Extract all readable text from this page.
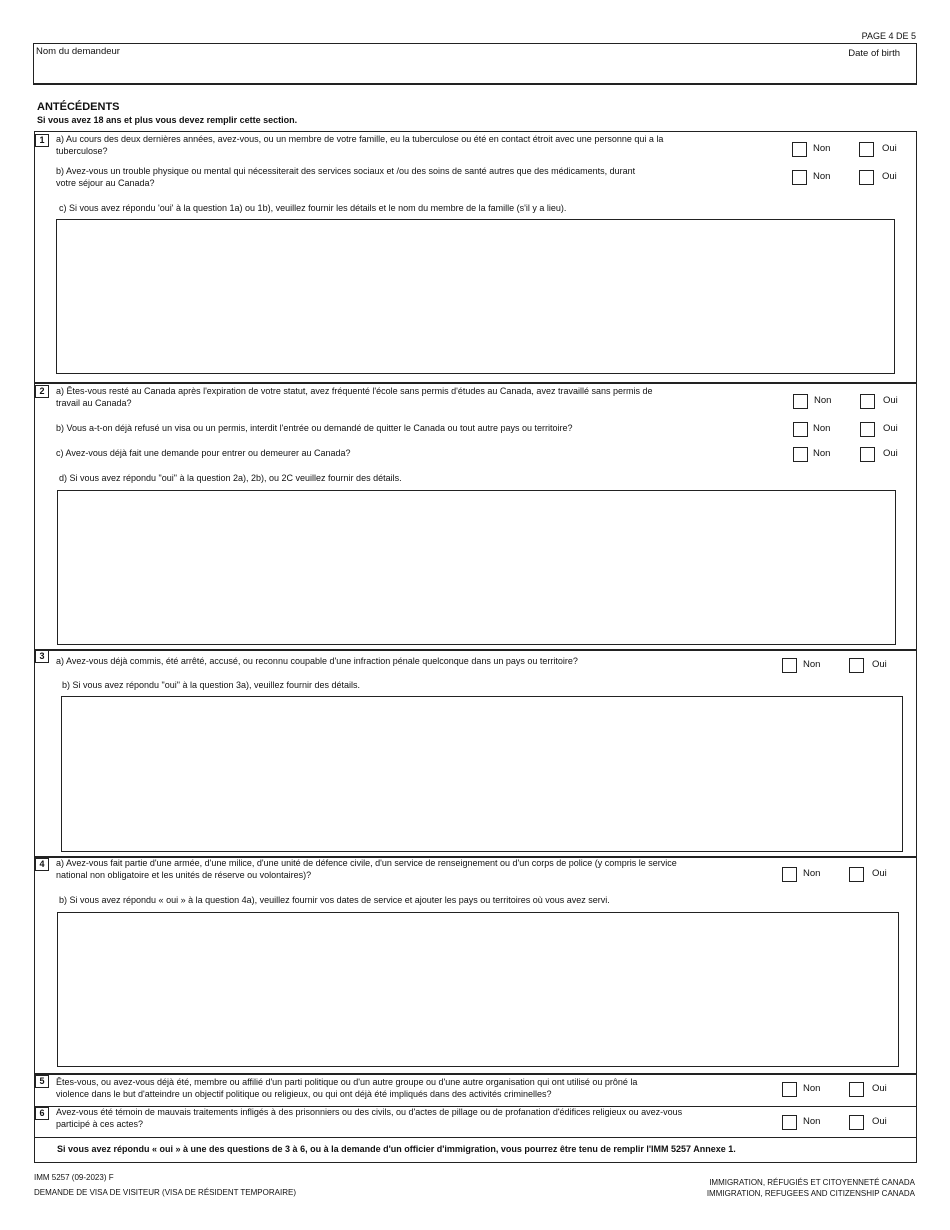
PAGE 4 DE 5
Nom du demandeur	Date of birth
ANTÉCÉDENTS
Si vous avez 18 ans et plus vous devez remplir cette section.
1	a) Au cours des deux dernières années, avez-vous, ou un membre de votre famille, eu la tuberculose ou été en contact étroit avec une personne qui a la
tuberculose?	Non	Oui
b) Avez-vous un trouble physique ou mental qui nécessiterait des services sociaux et /ou des soins de santé autres que des médicaments, durant
votre séjour au Canada?
Non	Oui
c) Si vous avez répondu 'oui' à la question 1a) ou 1b), veuillez fournir les détails et le nom du membre de la famille (s'il y a lieu).
2	a) Êtes-vous resté au Canada après l'expiration de votre statut, avez fréquenté l'école sans permis d'études au Canada, avez travaillé sans permis de
travail au Canada?	Non	Oui
b) Vous a-t-on déjà refusé un visa ou un permis, interdit l'entrée ou demandé de quitter le Canada ou tout autre pays ou territoire?	Non	Oui
c) Avez-vous déjà fait une demande pour entrer ou demeurer au Canada?	Non	Oui
d) Si vous avez répondu "oui" à la question 2a), 2b), ou 2C veuillez fournir des détails.
3	a) Avez-vous déjà commis, été arrêté, accusé, ou reconnu coupable d'une infraction pénale quelconque dans un pays ou territoire?	Non	Oui
b) Si vous avez répondu "oui" à la question 3a), veuillez fournir des détails.
4	a) Avez-vous fait partie d'une armée, d'une milice, d'une unité de défence civile, d'un service de renseignement ou d'un corps de police (y compris le service
national non obligatoire et les unités de réserve ou volontaires)?	Non	Oui
b) Si vous avez répondu « oui » à la question 4a), veuillez fournir vos dates de service et ajouter les pays ou territoires où vous avez servi.
5	Êtes-vous, ou avez-vous déjà été, membre ou affilié d'un parti politique ou d'un autre groupe ou d'une autre organisation qui ont utilisé ou prôné la
violence dans le but d'atteindre un objectif politique ou religieux, ou qui ont déjà été impliqués dans des activités criminelles?	Non	Oui
6	Avez-vous été témoin de mauvais traitements infligés à des prisonniers ou des civils, ou d'actes de pillage ou de profanation d'édifices religieux ou avez-vous
participé à ces actes?	Non	Oui
Si vous avez répondu « oui » à une des questions de 3 à 6, ou à la demande d'un officier d'immigration, vous pourrez être tenu de remplir l'IMM 5257 Annexe 1.
IMM 5257 (09-2023) F
DEMANDE DE VISA DE VISITEUR (VISA DE RÉSIDENT TEMPORAIRE)
IMMIGRATION, RÉFUGIÉS ET CITOYENNETÉ CANADA
IMMIGRATION, REFUGEES AND CITIZENSHIP CANADA
